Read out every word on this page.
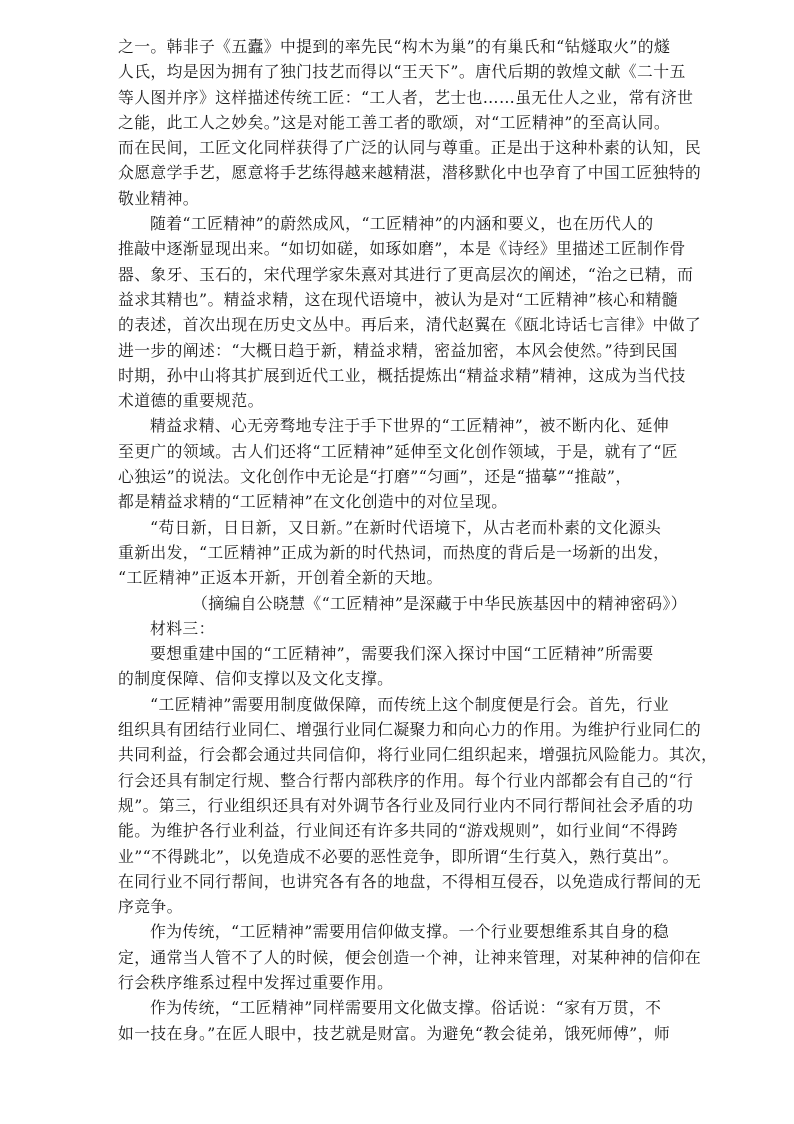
之一。韩非子《五蠹》中提到的率先民“构木为巢”的有巢氏和“钻燧取火”的燧
人氏，均是因为拥有了独门技艺而得以“王天下”。唐代后期的敦煌文献《二十五
等人图并序》这样描述传统工匠：“工人者，艺士也……虽无仕人之业，常有济世
之能，此工人之妙矣。”这是对能工善工者的歌颂，对“工匠精神”的至高认同。
而在民间，工匠文化同样获得了广泛的认同与尊重。正是出于这种朴素的认知，民
众愿意学手艺，愿意将手艺练得越来越精湛，潜移默化中也孕育了中国工匠独特的
敬业精神。
随着“工匠精神”的蔚然成风，“工匠精神”的内涵和要义，也在历代人的
推敲中逐渐显现出来。“如切如磋，如琢如磨”，本是《诗经》里描述工匠制作骨
器、象牙、玉石的，宋代理学家朱熹对其进行了更高层次的阐述，“治之已精，而
益求其精也”。精益求精，这在现代语境中，被认为是对“工匠精神”核心和精髓
的表述，首次出现在历史文丛中。再后来，清代赵翼在《瓯北诗话七言律》中做了
进一步的阐述：“大概日趋于新，精益求精，密益加密，本风会使然。”待到民国
时期，孙中山将其扩展到近代工业，概括提炼出“精益求精”精神，这成为当代技
术道德的重要规范。
精益求精、心无旁骛地专注于手下世界的“工匠精神”，被不断内化、延伸
至更广的领域。古人们还将“工匠精神”延伸至文化创作领域，于是，就有了“匠
心独运”的说法。文化创作中无论是“打磨”“匀画”，还是“描摹”“推敲”，
都是精益求精的“工匠精神”在文化创造中的对位呈现。
“苟日新，日日新，又日新。”在新时代语境下，从古老而朴素的文化源头
重新出发，“工匠精神”正成为新的时代热词，而热度的背后是一场新的出发，
“工匠精神”正返本开新，开创着全新的天地。
（摘编自公晓慧《“工匠精神”是深藏于中华民族基因中的精神密码》）
材料三：
要想重建中国的“工匠精神”，需要我们深入探讨中国“工匠精神”所需要
的制度保障、信仰支撑以及文化支撑。
“工匠精神”需要用制度做保障，而传统上这个制度便是行会。首先，行业
组织具有团结行业同仁、增强行业同仁凝聚力和向心力的作用。为维护行业同仁的
共同利益，行会都会通过共同信仰，将行业同仁组织起来，增强抗风险能力。其次，
行会还具有制定行规、整合行帮内部秩序的作用。每个行业内部都会有自己的“行
规”。第三，行业组织还具有对外调节各行业及同行业内不同行帮间社会矛盾的功
能。为维护各行业利益，行业间还有许多共同的“游戏规则”，如行业间“不得跨
业”“不得跳北”，以免造成不必要的恶性竞争，即所谓“生行莫入，熟行莫出”。
在同行业不同行帮间，也讲究各有各的地盘，不得相互侵吞，以免造成行帮间的无
序竞争。
作为传统，“工匠精神”需要用信仰做支撑。一个行业要想维系其自身的稳
定，通常当人管不了人的时候，便会创造一个神，让神来管理，对某种神的信仰在
行会秩序维系过程中发挥过重要作用。
作为传统，“工匠精神”同样需要用文化做支撑。俗话说：“家有万贯，不
如一技在身。”在匠人眼中，技艺就是财富。为避免“教会徒弟，饿死师傅”，师
